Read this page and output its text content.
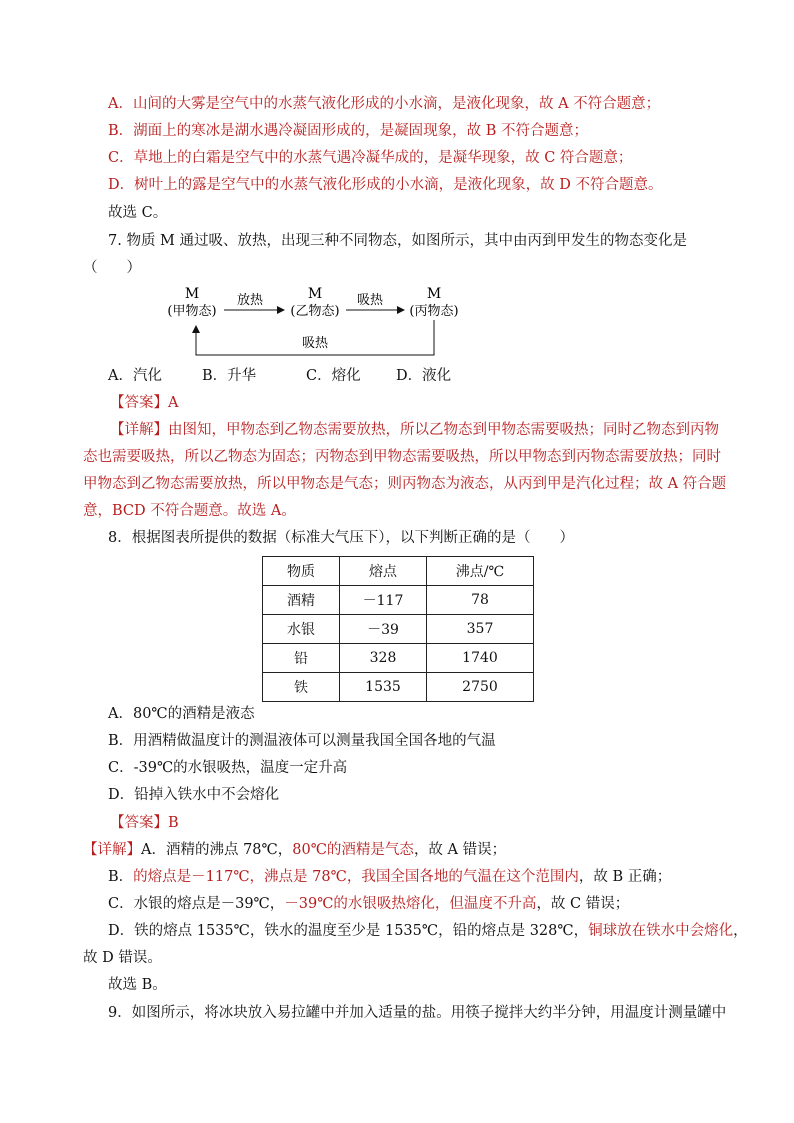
A．山间的大雾是空气中的水蒸气液化形成的小水滴，是液化现象，故 A 不符合题意；
B．湖面上的寒冰是湖水遇冷凝固形成的，是凝固现象，故 B 不符合题意；
C．草地上的白霜是空气中的水蒸气遇冷凝华成的，是凝华现象，故 C 符合题意；
D．树叶上的露是空气中的水蒸气液化形成的小水滴，是液化现象，故 D 不符合题意。
故选 C。
7. 物质 M 通过吸、放热，出现三种不同物态，如图所示，其中由丙到甲发生的物态变化是
（　　）
M
(甲物态)
M
(乙物态)
M
(丙物态)
放热	吸热
吸热
A．汽化	B．升华	C．熔化 D．液化
【答案】A
【详解】由图知，甲物态到乙物态需要放热，所以乙物态到甲物态需要吸热；同时乙物态到丙物
态也需要吸热，所以乙物态为固态；丙物态到甲物态需要吸热，所以甲物态到丙物态需要放热；同时
甲物态到乙物态需要放热，所以甲物态是气态；则丙物态为液态，从丙到甲是汽化过程；故 A 符合题
意，BCD 不符合题意。故选 A。
8．根据图表所提供的数据（标准大气压下），以下判断正确的是（　　）
物质	熔点	沸点/℃
酒精	－117	78
水银	－39	357
铅	328	1740
铁	1535	2750
A．80℃的酒精是液态
B．用酒精做温度计的测温液体可以测量我国全国各地的气温
C．-39℃的水银吸热，温度一定升高
D．铅掉入铁水中不会熔化
【答案】B
【详解】A．酒精的沸点 78℃，80℃的酒精是气态，故 A 错误；
B．的熔点是－117℃，沸点是 78℃，我国全国各地的气温在这个范围内，故 B 正确；
C．水银的熔点是－39℃，－39℃的水银吸热熔化，但温度不升高，故 C 错误；
D．铁的熔点 1535℃，铁水的温度至少是 1535℃，铅的熔点是 328℃，铜球放在铁水中会熔化，
故 D 错误。
故选 B。
9．如图所示，将冰块放入易拉罐中并加入适量的盐。用筷子搅拌大约半分钟，用温度计测量罐中
